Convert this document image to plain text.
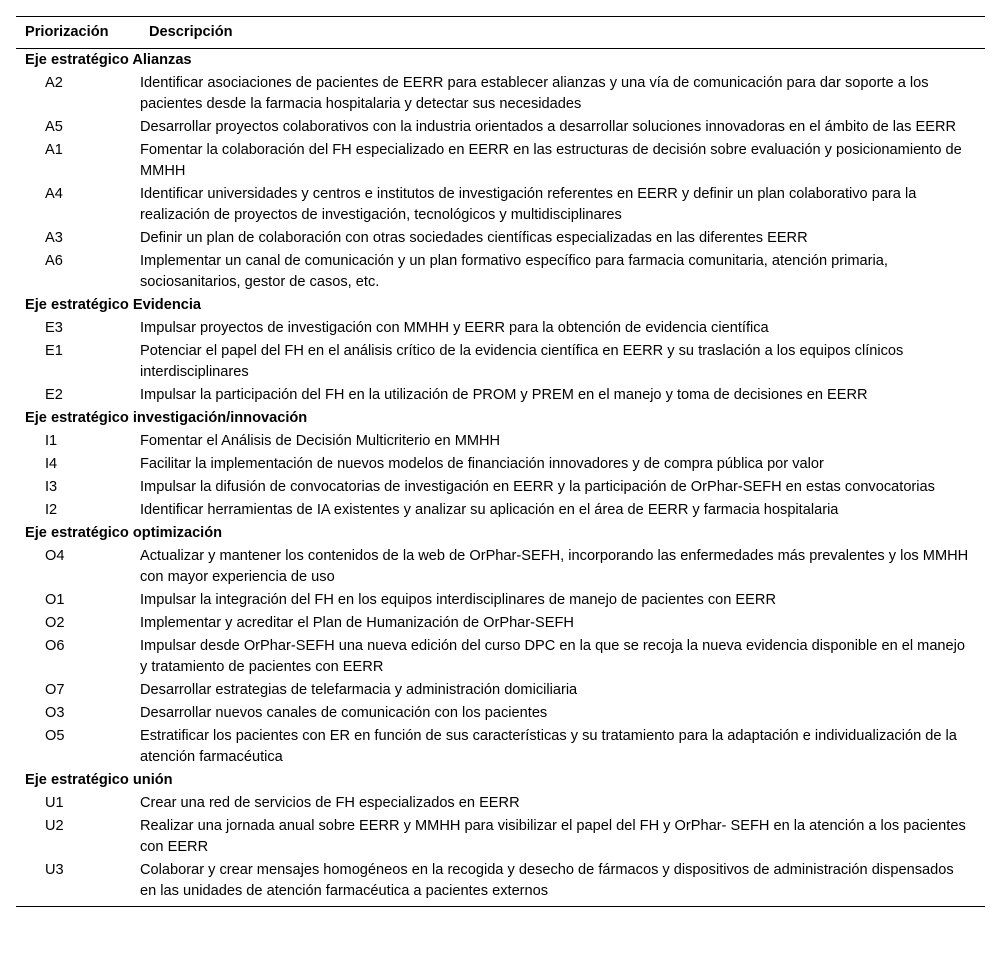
Priorización	Descripción
Eje estratégico Alianzas	
A2	Identificar asociaciones de pacientes de EERR para establecer alianzas y una vía de comunicación para dar soporte a los pacientes desde la farmacia hospitalaria y detectar sus necesidades
A5	Desarrollar proyectos colaborativos con la industria orientados a desarrollar soluciones innovadoras en el ámbito de las EERR
A1	Fomentar la colaboración del FH especializado en EERR en las estructuras de decisión sobre evaluación y posicionamiento de MMHH
A4	Identificar universidades y centros e institutos de investigación referentes en EERR y definir un plan colaborativo para la realización de proyectos de investigación, tecnológicos y multidisciplinares
A3	Definir un plan de colaboración con otras sociedades científicas especializadas en las diferentes EERR
A6	Implementar un canal de comunicación y un plan formativo específico para farmacia comunitaria, atención primaria, sociosanitarios, gestor de casos, etc.
Eje estratégico Evidencia	
E3	Impulsar proyectos de investigación con MMHH y EERR para la obtención de evidencia científica
E1	Potenciar el papel del FH en el análisis crítico de la evidencia científica en EERR y su traslación a los equipos clínicos interdisciplinares
E2	Impulsar la participación del FH en la utilización de PROM y PREM en el manejo y toma de decisiones en EERR
Eje estratégico investigación/innovación	
I1	Fomentar el Análisis de Decisión Multicriterio en MMHH
I4	Facilitar la implementación de nuevos modelos de financiación innovadores y de compra pública por valor
I3	Impulsar la difusión de convocatorias de investigación en EERR y la participación de OrPhar-SEFH en estas convocatorias
I2	Identificar herramientas de IA existentes y analizar su aplicación en el área de EERR y farmacia hospitalaria
Eje estratégico optimización	
O4	Actualizar y mantener los contenidos de la web de OrPhar-SEFH, incorporando las enfermedades más prevalentes y los MMHH con mayor experiencia de uso
O1	Impulsar la integración del FH en los equipos interdisciplinares de manejo de pacientes con EERR
O2	Implementar y acreditar el Plan de Humanización de OrPhar-SEFH
O6	Impulsar desde OrPhar-SEFH una nueva edición del curso DPC en la que se recoja la nueva evidencia disponible en el manejo y tratamiento de pacientes con EERR
O7	Desarrollar estrategias de telefarmacia y administración domiciliaria
O3	Desarrollar nuevos canales de comunicación con los pacientes
O5	Estratificar los pacientes con ER en función de sus características y su tratamiento para la adaptación e individualización de la atención farmacéutica
Eje estratégico unión	
U1	Crear una red de servicios de FH especializados en EERR
U2	Realizar una jornada anual sobre EERR y MMHH para visibilizar el papel del FH y OrPhar- SEFH en la atención a los pacientes con EERR
U3	Colaborar y crear mensajes homogéneos en la recogida y desecho de fármacos y dispositivos de administración dispensados en las unidades de atención farmacéutica a pacientes externos
